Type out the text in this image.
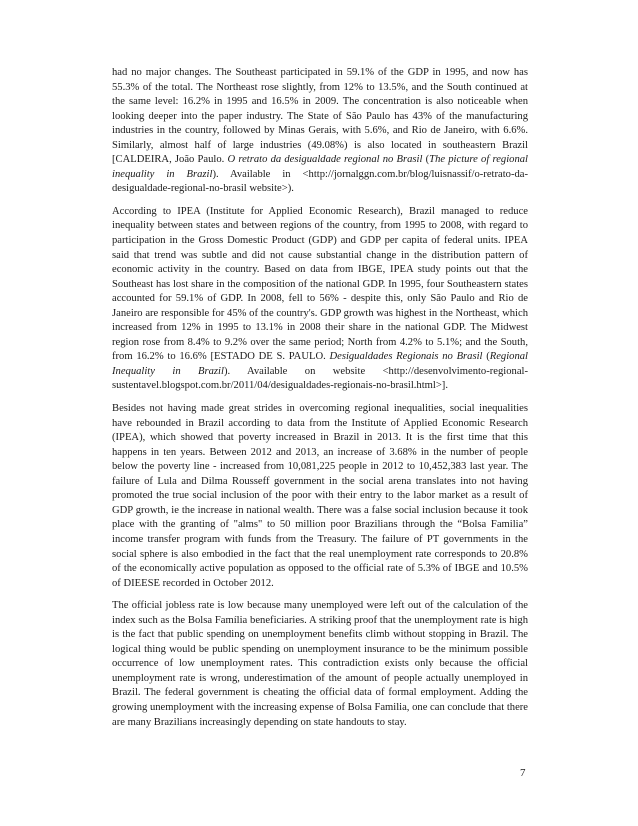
had no major changes. The Southeast participated in 59.1% of the GDP in 1995, and now has 55.3% of the total. The Northeast rose slightly, from 12% to 13.5%, and the South continued at the same level: 16.2% in 1995 and 16.5% in 2009. The concentration is also noticeable when looking deeper into the paper industry. The State of São Paulo has 43% of the manufacturing industries in the country, followed by Minas Gerais, with 5.6%, and Rio de Janeiro, with 6.6%. Similarly, almost half of large industries (49.08%) is also located in southeastern Brazil [CALDEIRA, João Paulo. O retrato da desigualdade regional no Brasil (The picture of regional inequality in Brazil). Available in <http://jornalggn.com.br/blog/luisnassif/o-retrato-da-desigualdade-regional-no-brasil website>).

According to IPEA (Institute for Applied Economic Research), Brazil managed to reduce inequality between states and between regions of the country, from 1995 to 2008, with regard to participation in the Gross Domestic Product (GDP) and GDP per capita of federal units. IPEA said that trend was subtle and did not cause substantial change in the distribution pattern of economic activity in the country. Based on data from IBGE, IPEA study points out that the Southeast has lost share in the composition of the national GDP. In 1995, four Southeastern states accounted for 59.1% of GDP. In 2008, fell to 56% - despite this, only São Paulo and Rio de Janeiro are responsible for 45% of the country's. GDP growth was highest in the Northeast, which increased from 12% in 1995 to 13.1% in 2008 their share in the national GDP. The Midwest region rose from 8.4% to 9.2% over the same period; North from 4.2% to 5.1%; and the South, from 16.2% to 16.6% [ESTADO DE S. PAULO. Desigualdades Regionais no Brasil (Regional Inequality in Brazil). Available on website <http://desenvolvimento-regional-sustentavel.blogspot.com.br/2011/04/desigualdades-regionais-no-brasil.html>].

Besides not having made great strides in overcoming regional inequalities, social inequalities have rebounded in Brazil according to data from the Institute of Applied Economic Research (IPEA), which showed that poverty increased in Brazil in 2013. It is the first time that this happens in ten years. Between 2012 and 2013, an increase of 3.68% in the number of people below the poverty line - increased from 10,081,225 people in 2012 to 10,452,383 last year. The failure of Lula and Dilma Rousseff government in the social arena translates into not having promoted the true social inclusion of the poor with their entry to the labor market as a result of GDP growth, ie the increase in national wealth. There was a false social inclusion because it took place with the granting of "alms" to 50 million poor Brazilians through the “Bolsa Familia” income transfer program with funds from the Treasury. The failure of PT governments in the social sphere is also embodied in the fact that the real unemployment rate corresponds to 20.8% of the economically active population as opposed to the official rate of 5.3% of IBGE and 10.5% of DIEESE recorded in October 2012.

The official jobless rate is low because many unemployed were left out of the calculation of the index such as the Bolsa Família beneficiaries. A striking proof that the unemployment rate is high is the fact that public spending on unemployment benefits climb without stopping in Brazil. The logical thing would be public spending on unemployment insurance to be the minimum possible occurrence of low unemployment rates. This contradiction exists only because the official unemployment rate is wrong, underestimation of the amount of people actually unemployed in Brazil. The federal government is cheating the official data of formal employment. Adding the growing unemployment with the increasing expense of Bolsa Familia, one can conclude that there are many Brazilians increasingly depending on state handouts to stay.

7
